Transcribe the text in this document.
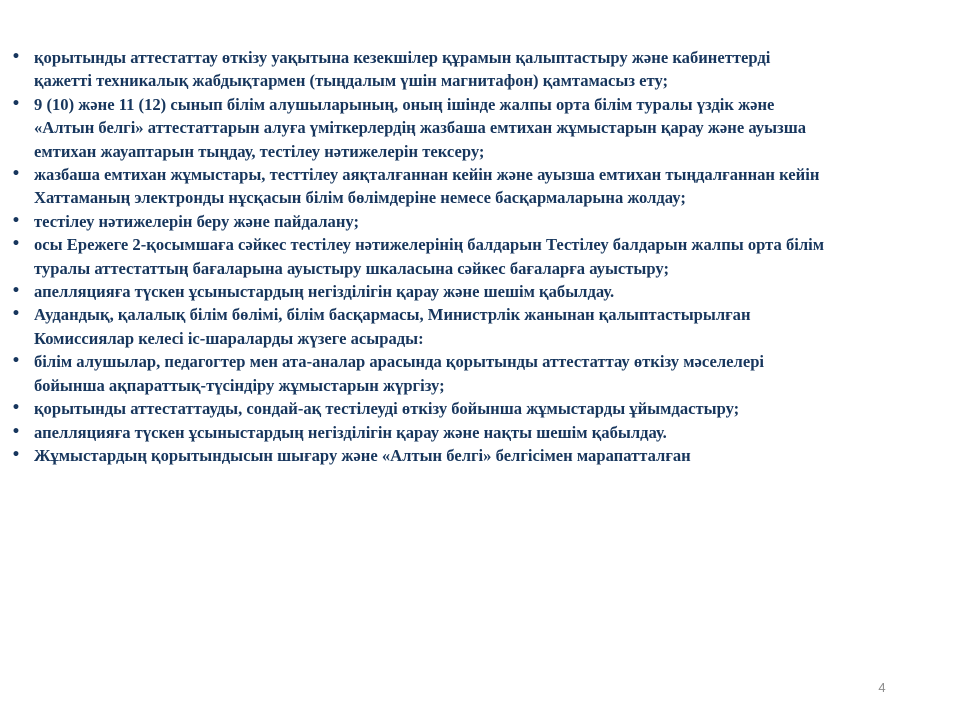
• қорытынды аттестаттау өткізу уақытына кезекшілер құрамын қалыптастыру және кабинеттерді қажетті техникалық жабдықтармен (тыңдалым үшін магнитафон) қамтамасыз ету;
• 9 (10) және 11 (12) сынып білім алушыларының, оның ішінде жалпы орта білім туралы үздік және «Алтын белгі» аттестаттарын алуға үміткерлердің жазбаша емтихан жұмыстарын қарау және ауызша емтихан жауаптарын тыңдау, тестілеу нәтижелерін тексеру;
• жазбаша емтихан жұмыстары, тесттілеу аяқталғаннан кейін және ауызша емтихан тыңдалғаннан кейін Хаттаманың электронды нұсқасын білім бөлімдеріне немесе басқармаларына жолдау;
• тестілеу нәтижелерін беру және пайдалану;
• осы Ережеге 2-қосымшаға сәйкес тестілеу нәтижелерінің балдарын Тестілеу балдарын жалпы орта білім туралы аттестаттың бағаларына ауыстыру шкаласына сәйкес бағаларға ауыстыру;
• апелляцияға түскен ұсыныстардың негізділігін қарау және шешім қабылдау.
• Аудандық, қалалық білім бөлімі, білім басқармасы, Министрлік жанынан қалыптастырылған Комиссиялар келесі іс-шараларды жүзеге асырады:
• білім алушылар, педагогтер мен ата-аналар арасында қорытынды аттестаттау өткізу мәселелері бойынша ақпараттық-түсіндіру жұмыстарын жүргізу;
• қорытынды аттестаттауды, сондай-ақ тестілеуді өткізу бойынша жұмыстарды ұйымдастыру;
• апелляцияға түскен ұсыныстардың негізділігін қарау және нақты шешім қабылдау.
• Жұмыстардың қорытындысын шығару және «Алтын белгі» белгісімен марапатталған
4
